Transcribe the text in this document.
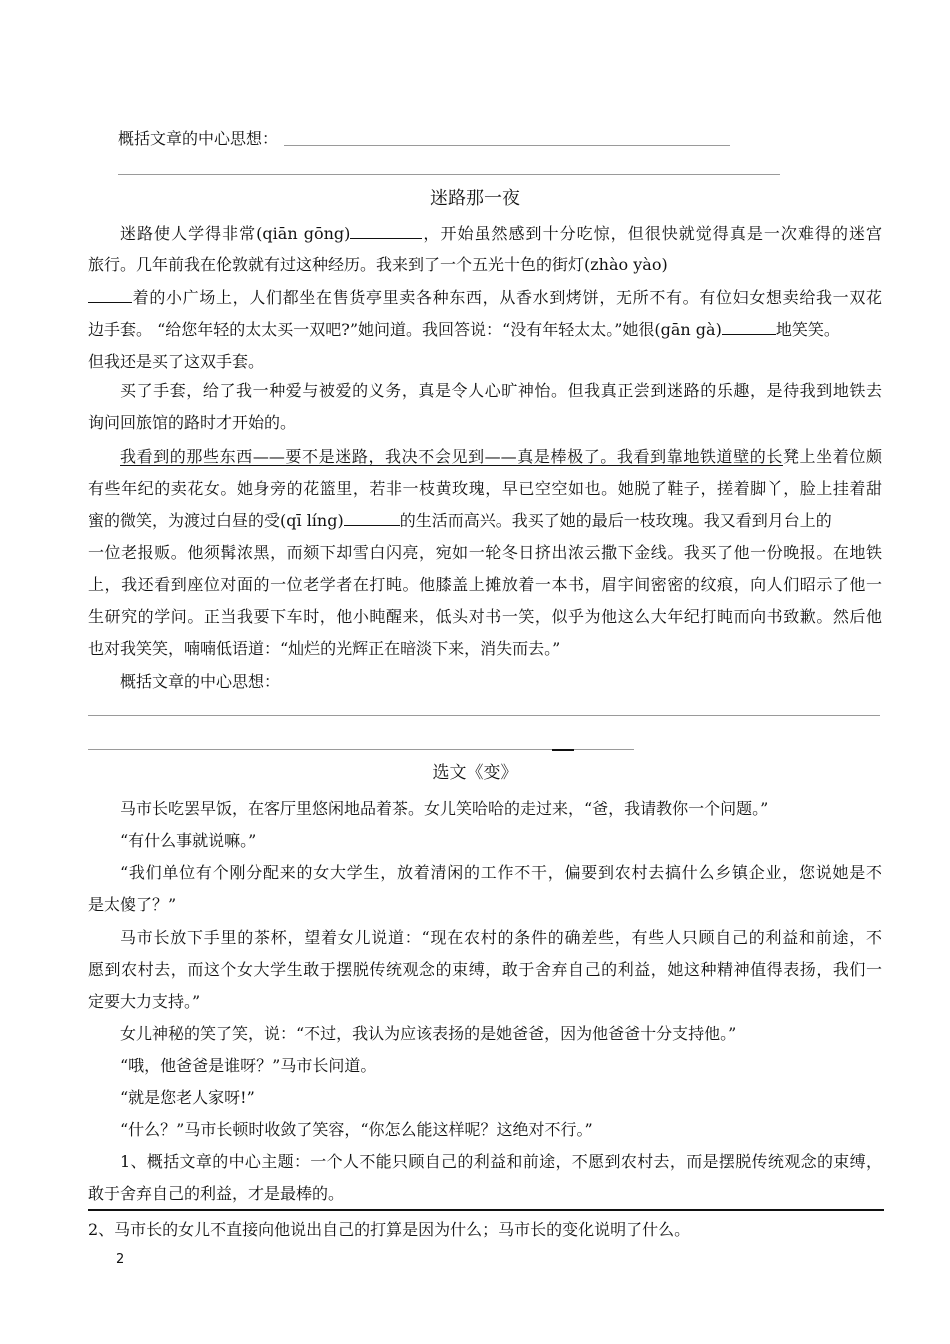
概括文章的中心思想：
迷路那一夜
迷路使人学得非常(qiān gōng)	，开始虽然感到十分吃惊，但很快就觉得真是一次难得的迷宫
旅行。几年前我在伦敦就有过这种经历。我来到了一个五光十色的街灯(zhào yào)
着的小广场上，人们都坐在售货亭里卖各种东西，从香水到烤饼，无所不有。有位妇女想卖给我一双花
边手套。 “给您年轻的太太买一双吧?”她问道。我回答说：“没有年轻太太。”她很(gān gà)	地笑笑。
但我还是买了这双手套。
买了手套，给了我一种爱与被爱的义务，真是令人心旷神怡。但我真正尝到迷路的乐趣，是待我到地铁去
询问回旅馆的路时才开始的。
我看到的那些东西——要不是迷路，我决不会见到——真是棒极了。我看到靠地铁道壁的长凳上坐着位颇
有些年纪的卖花女。她身旁的花篮里，若非一枝黄玫瑰，早已空空如也。她脱了鞋子，搓着脚丫，脸上挂着甜
蜜的微笑，为渡过白昼的受(qī líng)	的生活而高兴。我买了她的最后一枝玫瑰。我又看到月台上的
一位老报贩。他须髯浓黑，而颏下却雪白闪亮，宛如一轮冬日挤出浓云撒下金线。我买了他一份晚报。在地铁
上，我还看到座位对面的一位老学者在打盹。他膝盖上摊放着一本书，眉宇间密密的纹痕，向人们昭示了他一
生研究的学问。正当我要下车时，他小盹醒来，低头对书一笑，似乎为他这么大年纪打盹而向书致歉。然后他
也对我笑笑，喃喃低语道：“灿烂的光辉正在暗淡下来，消失而去。”
概括文章的中心思想：
选文《变》
马市长吃罢早饭，在客厅里悠闲地品着茶。女儿笑哈哈的走过来，“爸，我请教你一个问题。”
“有什么事就说嘛。”
“我们单位有个刚分配来的女大学生，放着清闲的工作不干，偏要到农村去搞什么乡镇企业，您说她是不
是太傻了？”
马市长放下手里的茶杯，望着女儿说道：“现在农村的条件的确差些，有些人只顾自己的利益和前途，不
愿到农村去，而这个女大学生敢于摆脱传统观念的束缚，敢于舍弃自己的利益，她这种精神值得表扬，我们一
定要大力支持。”
女儿神秘的笑了笑，说：“不过，我认为应该表扬的是她爸爸，因为他爸爸十分支持他。”
“哦，他爸爸是谁呀？”马市长问道。
“就是您老人家呀!”
“什么？”马市长顿时收敛了笑容，“你怎么能这样呢？这绝对不行。”
1、概括文章的中心主题：一个人不能只顾自己的利益和前途，不愿到农村去，而是摆脱传统观念的束缚，
敢于舍弃自己的利益，才是最棒的。
2、马市长的女儿不直接向他说出自己的打算是因为什么；马市长的变化说明了什么。
2
